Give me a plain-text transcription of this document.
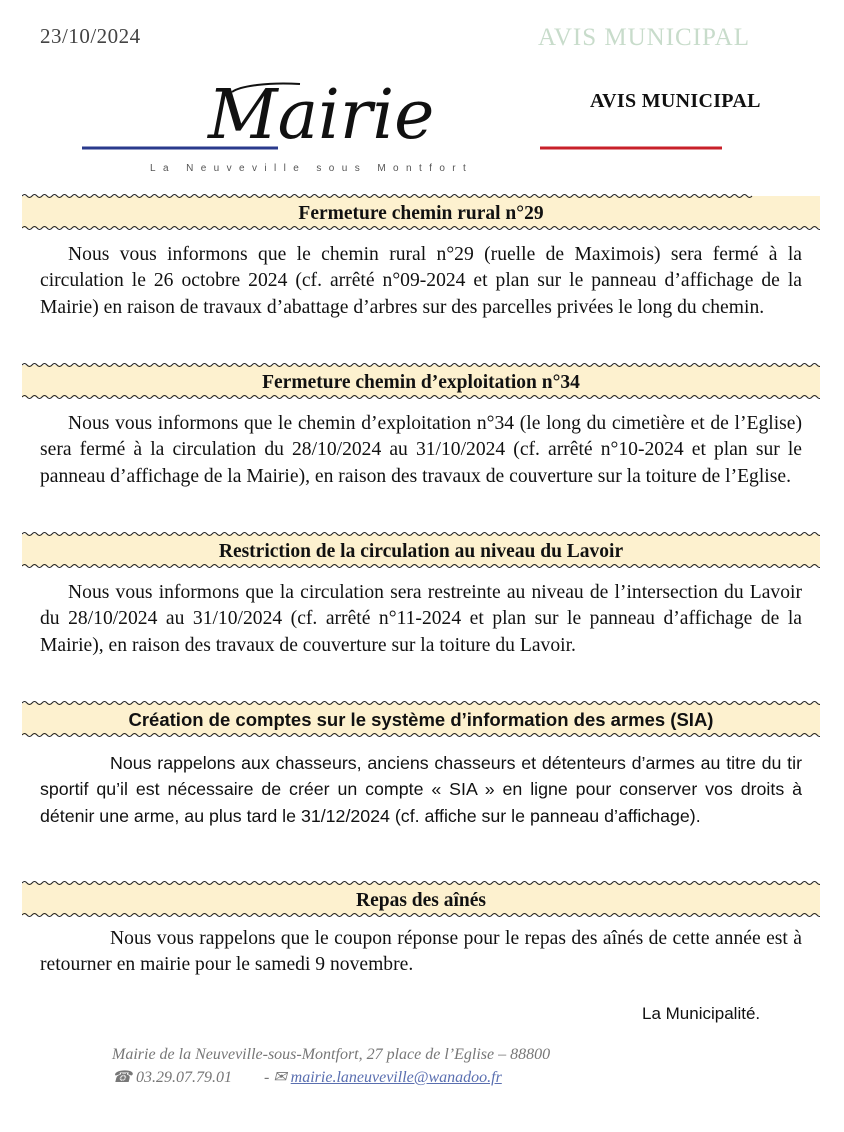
23/10/2024	AVIS MUNICIPAL
Mairie
La Neuveville sous Montfort
AVIS MUNICIPAL
Fermeture chemin rural n°29
Nous vous informons que le chemin rural n°29 (ruelle de Maximois) sera fermé à la circulation le 26 octobre 2024 (cf. arrêté n°09-2024 et plan sur le panneau d’affichage de la Mairie) en raison de travaux d’abattage d’arbres sur des parcelles privées le long du chemin.
Fermeture chemin d’exploitation n°34
Nous vous informons que le chemin d’exploitation n°34 (le long du cimetière et de l’Eglise) sera fermé à la circulation du 28/10/2024 au 31/10/2024 (cf. arrêté n°10-2024 et plan sur le panneau d’affichage de la Mairie), en raison des travaux de couverture sur la toiture de l’Eglise.
Restriction de la circulation au niveau du Lavoir
Nous vous informons que la circulation sera restreinte au niveau de l’intersection du Lavoir du 28/10/2024 au 31/10/2024 (cf. arrêté n°11-2024 et plan sur le panneau d’affichage de la Mairie), en raison des travaux de couverture sur la toiture du Lavoir.
Création de comptes sur le système d’information des armes (SIA)
Nous rappelons aux chasseurs, anciens chasseurs et détenteurs d’armes au titre du tir sportif qu’il est nécessaire de créer un compte « SIA » en ligne pour conserver vos droits à détenir une arme, au plus tard le 31/12/2024 (cf. affiche sur le panneau d’affichage).
Repas des aînés
Nous vous rappelons que le coupon réponse pour le repas des aînés de cette année est à retourner en mairie pour le samedi 9 novembre.
La Municipalité.
Mairie de la Neuveville-sous-Montfort, 27 place de l’Eglise – 88800
☎ 03.29.07.79.01 - ✉ mairie.laneuveville@wanadoo.fr
